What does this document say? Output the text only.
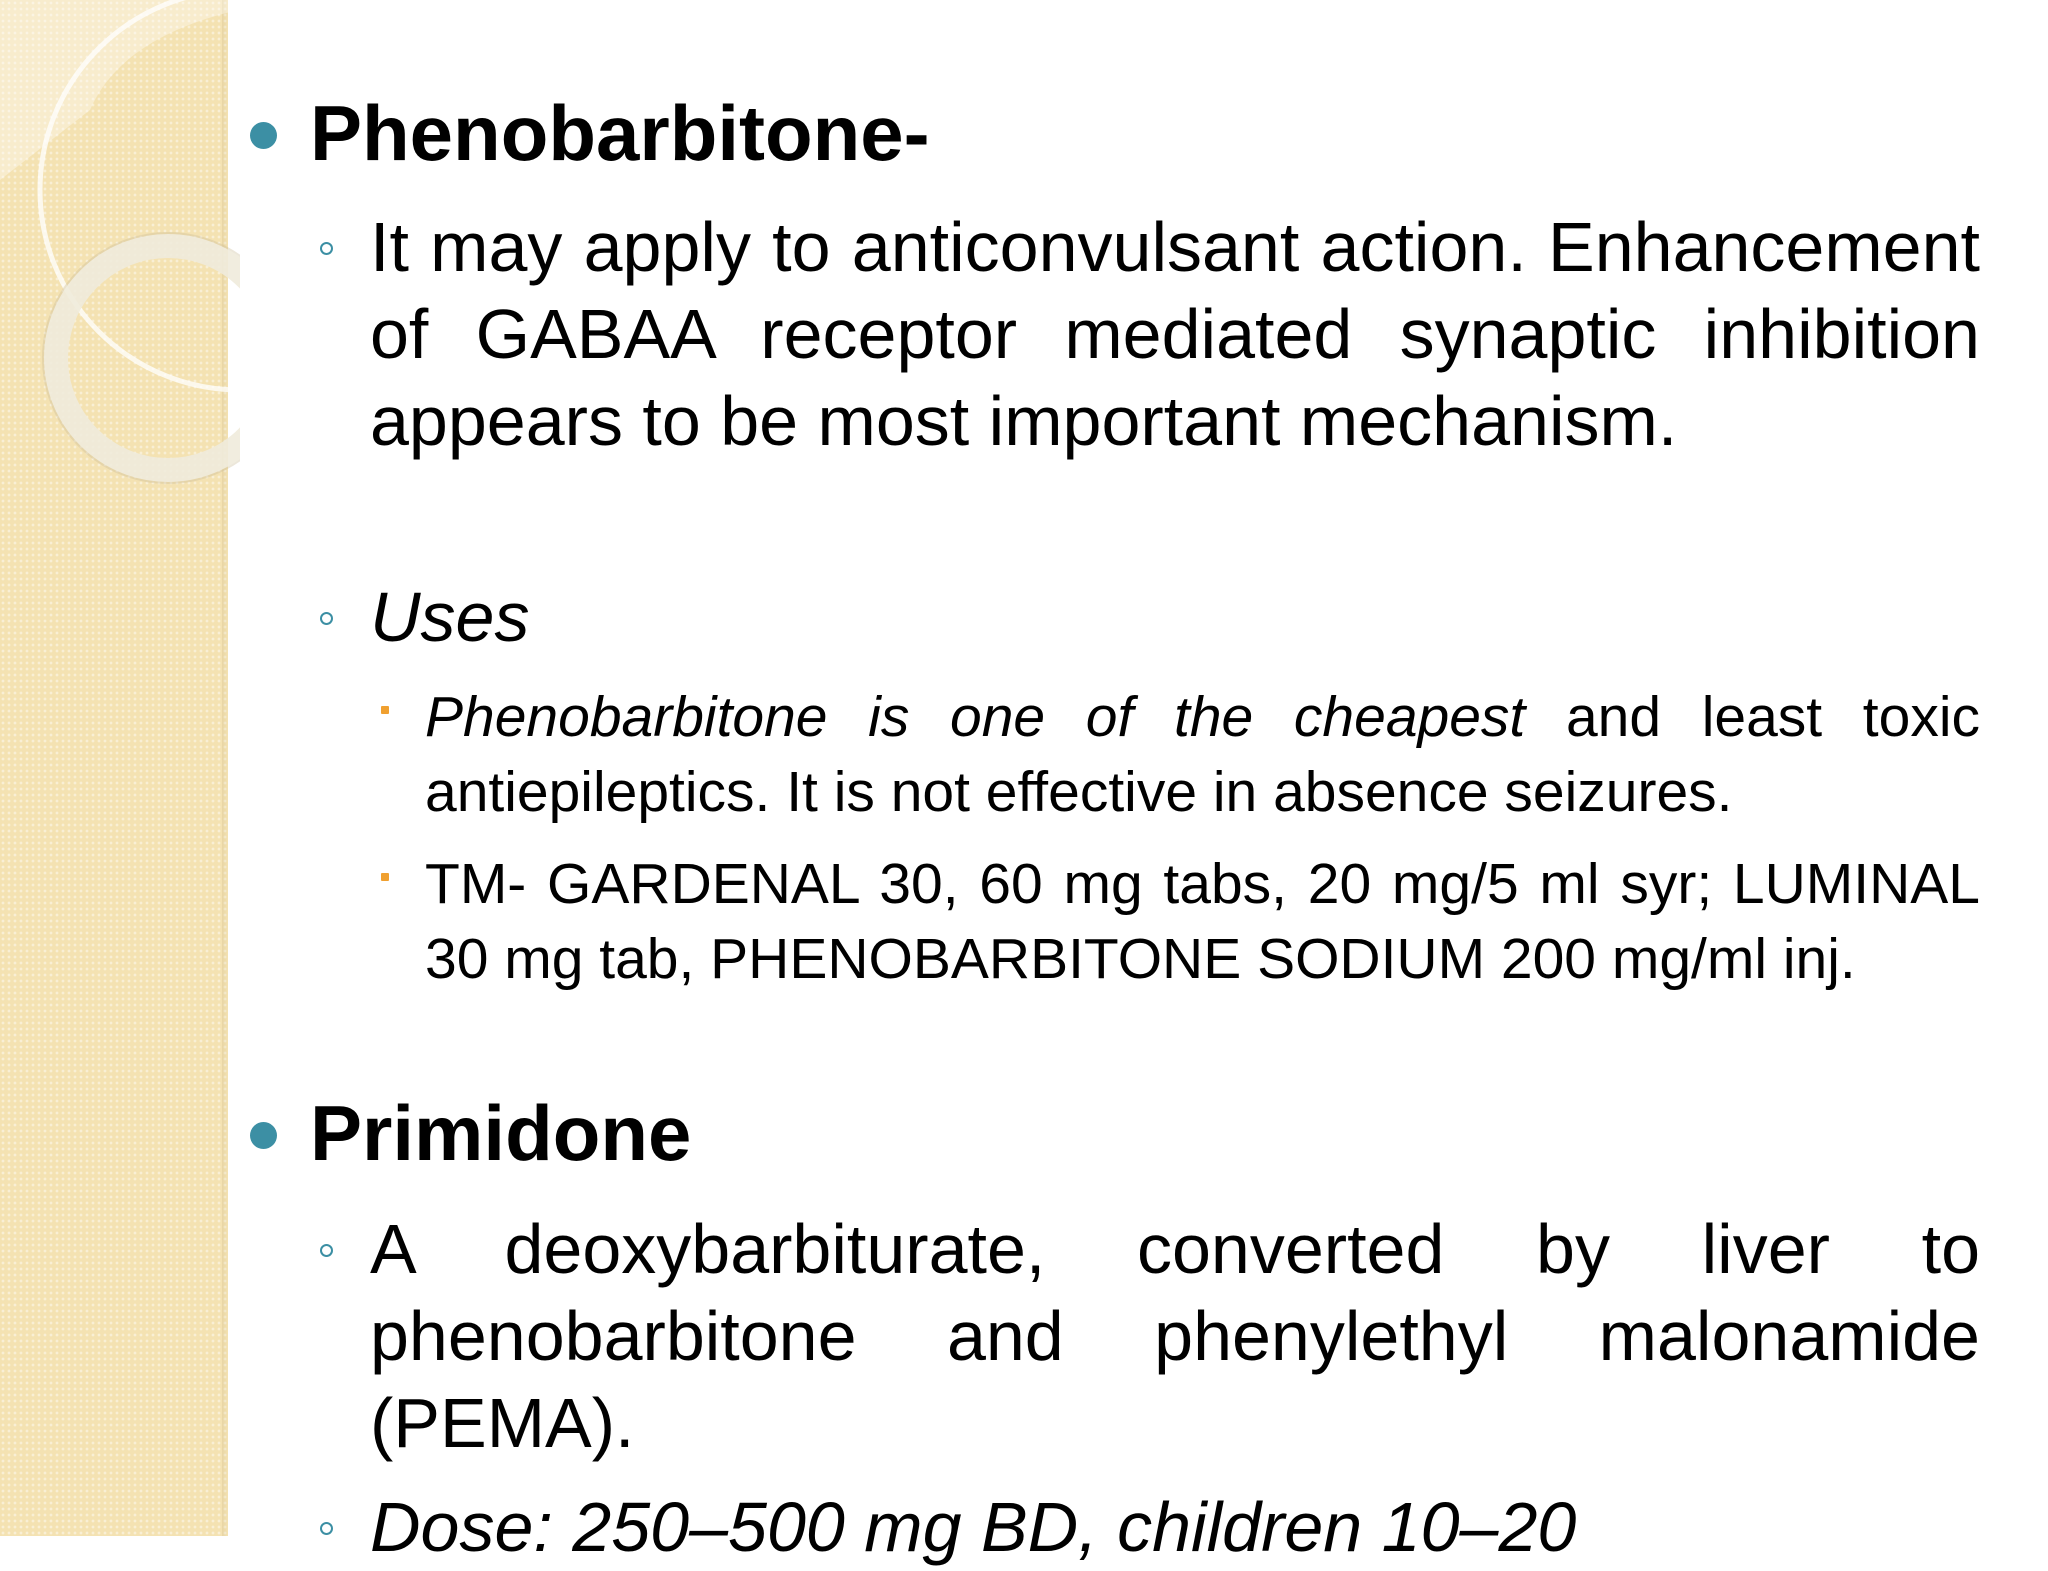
Phenobarbitone-
It may apply to anticonvulsant action. Enhancement of GABAA receptor mediated synaptic inhibition appears to be most important mechanism.
Uses
Phenobarbitone is one of the cheapest and least toxic antiepileptics. It is not effective in absence seizures.
TM- GARDENAL 30, 60 mg tabs, 20 mg/5 ml syr; LUMINAL 30 mg tab, PHENOBARBITONE SODIUM 200 mg/ml inj.
Primidone
A deoxybarbiturate, converted by liver to phenobarbitone and phenylethyl malonamide (PEMA).
Dose: 250–500 mg BD, children 10–20
